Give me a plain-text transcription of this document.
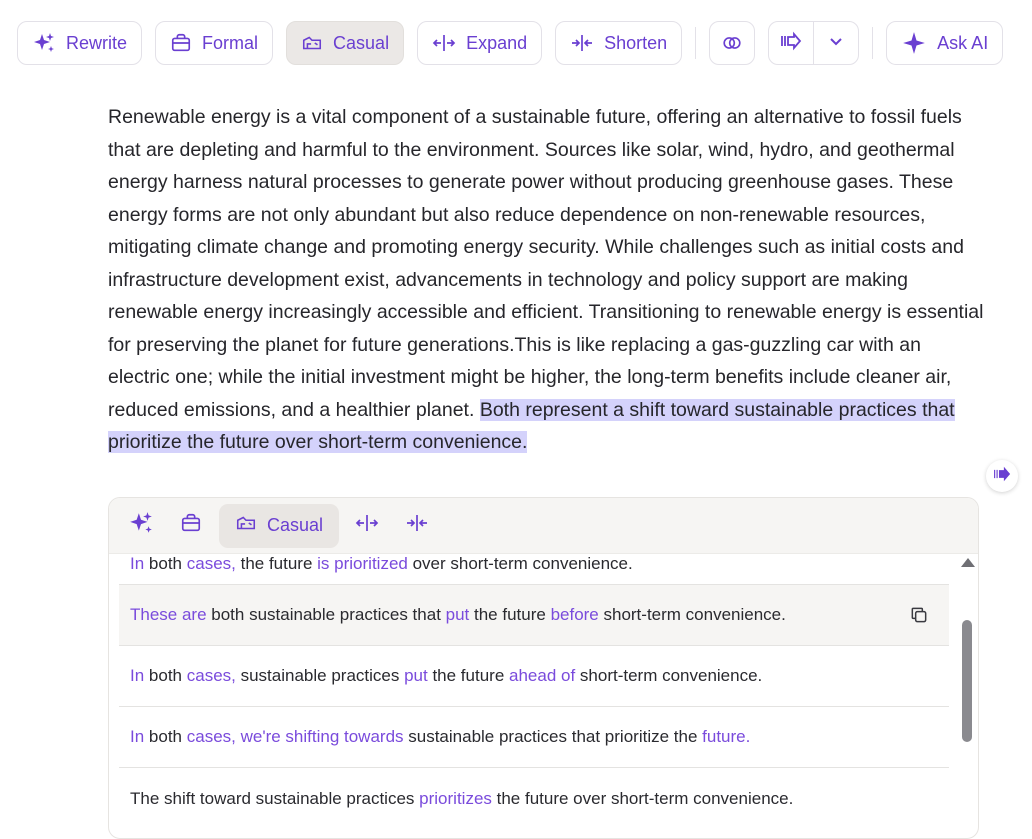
Rewrite	Formal	Casual	Expand	Shorten	Ask AI
Renewable energy is a vital component of a sustainable future, offering an alternative to fossil fuels that are depleting and harmful to the environment. Sources like solar, wind, hydro, and geothermal energy harness natural processes to generate power without producing greenhouse gases. These energy forms are not only abundant but also reduce dependence on non-renewable resources, mitigating climate change and promoting energy security. While challenges such as initial costs and infrastructure development exist, advancements in technology and policy support are making renewable energy increasingly accessible and efficient. Transitioning to renewable energy is essential for preserving the planet for future generations.This is like replacing a gas-guzzling car with an electric one; while the initial investment might be higher, the long-term benefits include cleaner air, reduced emissions, and a healthier planet. Both represent a shift toward sustainable practices that prioritize the future over short-term convenience.
Casual
In both cases, the future is prioritized over short-term convenience.
These are both sustainable practices that put the future before short-term convenience.
In both cases, sustainable practices put the future ahead of short-term convenience.
In both cases, we're shifting towards sustainable practices that prioritize the future.
The shift toward sustainable practices prioritizes the future over short-term convenience.
